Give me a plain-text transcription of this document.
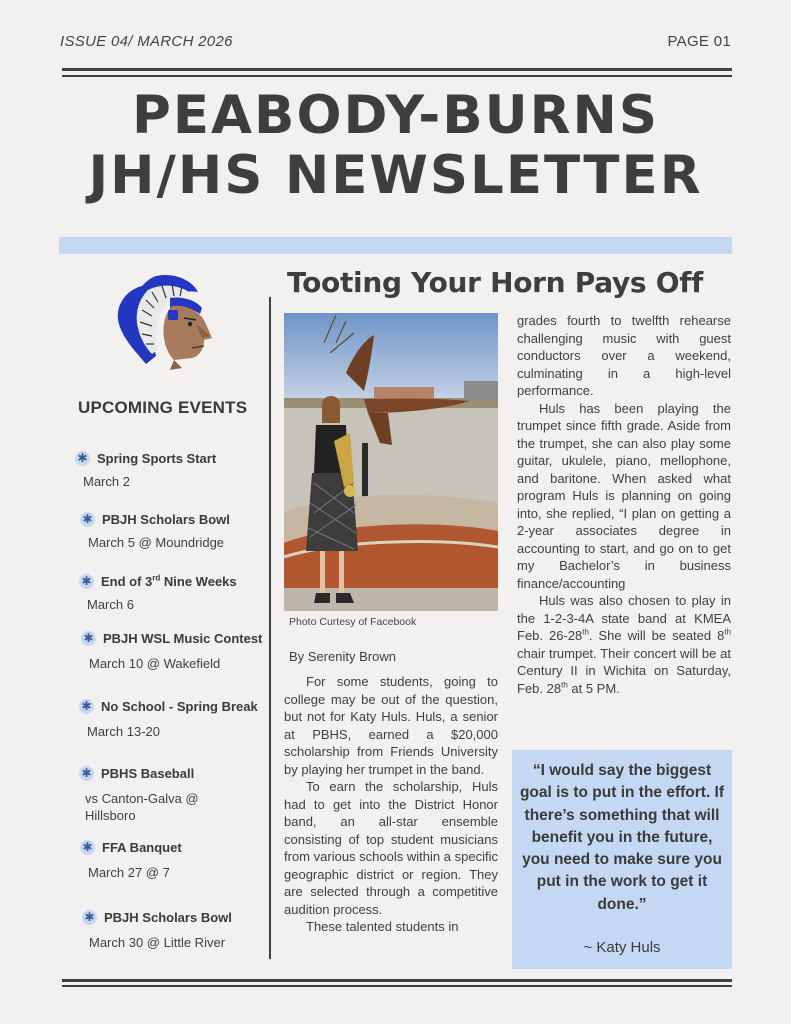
ISSUE 04/ MARCH 2026	PAGE 01
PEABODY-BURNS
JH/HS NEWSLETTER
UPCOMING EVENTS
✱ Spring Sports Start
March 2
✱ PBJH Scholars Bowl
March 5 @ Moundridge
✱ End of 3rd Nine Weeks
March 6
✱ PBJH WSL Music Contest
March 10 @ Wakefield
✱ No School - Spring Break
March 13-20
✱ PBHS Baseball
vs Canton-Galva @ Hillsboro
✱ FFA Banquet
March 27 @ 7
✱ PBJH Scholars Bowl
March 30 @ Little River
Tooting Your Horn Pays Off
Photo Curtesy of Facebook
By Serenity Brown

For some students, going to college may be out of the question, but not for Katy Huls. Huls, a senior at PBHS, earned a $20,000 scholarship from Friends University by playing her trumpet in the band.

To earn the scholarship, Huls had to get into the District Honor band, an all-star ensemble consisting of top student musicians from various schools within a specific geographic district or region. They are selected through a competitive audition process.

These talented students in

grades fourth to twelfth rehearse challenging music with guest conductors over a weekend, culminating in a high-level performance.

Huls has been playing the trumpet since fifth grade. Aside from the trumpet, she can also play some guitar, ukulele, piano, mellophone, and baritone. When asked what program Huls is planning on going into, she replied, “I plan on getting a 2-year associates degree in accounting to start, and go on to get my Bachelor’s in business finance/accounting

Huls was also chosen to play in the 1-2-3-4A state band at KMEA Feb. 26-28th. She will be seated 8th chair trumpet. Their concert will be at Century II in Wichita on Saturday, Feb. 28th at 5 PM.

“I would say the biggest goal is to put in the effort. If there’s something that will benefit you in the future, you need to make sure you put in the work to get it done.”
~ Katy Huls
